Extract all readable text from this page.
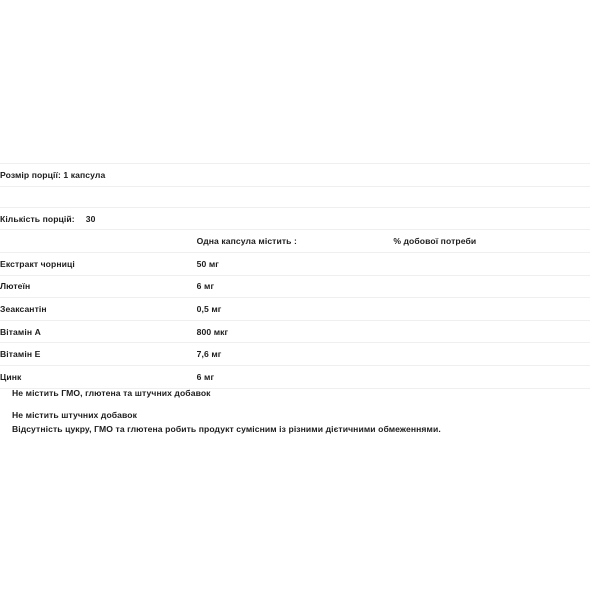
Розмір порції: 1 капсула		

Кількість порцій: 30		
	Одна капсула містить :	% добової потреби
Екстракт чорниці	50 мг	
Лютеїн	6 мг	
Зеаксантін	0,5 мг	
Вітамін А	800 мкг	
Вітамін Е	7,6 мг	
Цинк	6 мг	
Не містить ГМО, глютена та штучних добавок
Не містить штучних добавок
Відсутність цукру, ГМО та глютена робить продукт сумісним із різними дієтичними обмеженнями.
